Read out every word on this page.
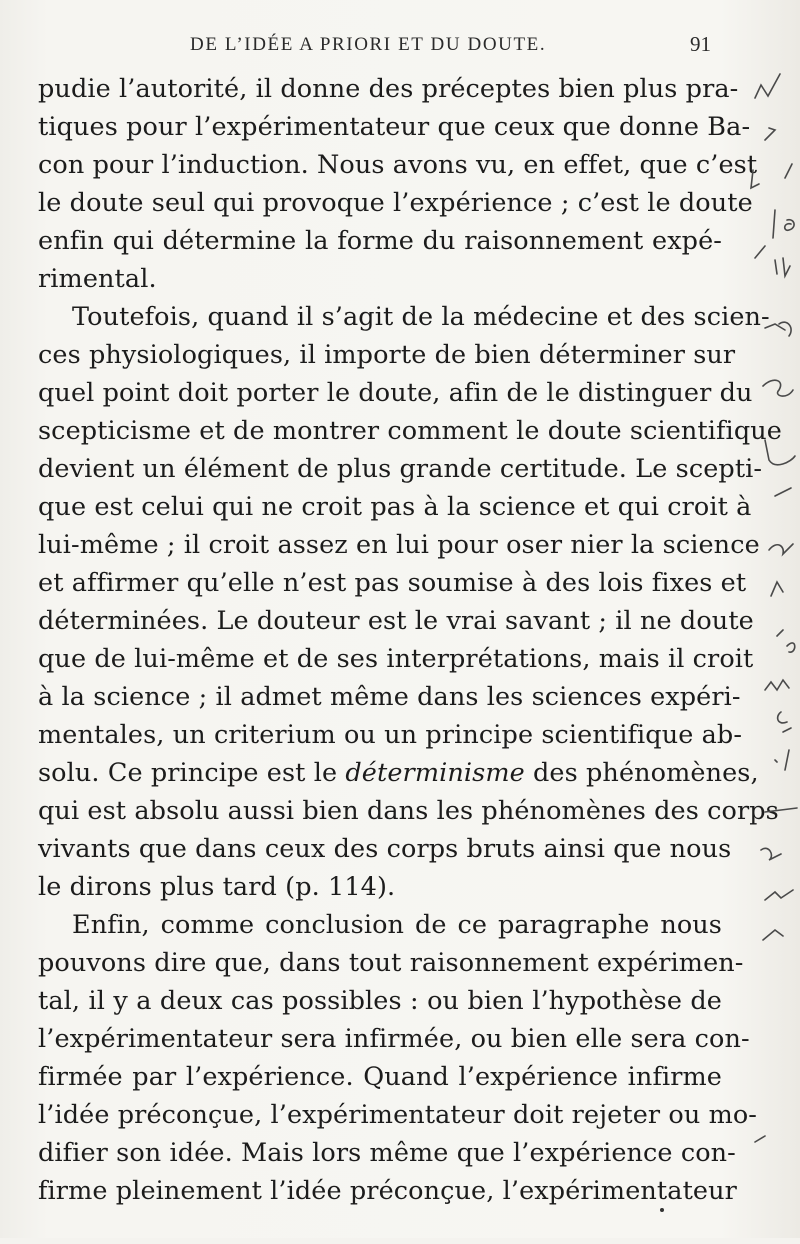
DE L’IDÉE A PRIORI ET DU DOUTE.	91
pudie l’autorité, il donne des préceptes bien plus pra-
tiques pour l’expérimentateur que ceux que donne Ba-
con pour l’induction. Nous avons vu, en effet, que c’est
le doute seul qui provoque l’expérience ; c’est le doute
enfin qui détermine la forme du raisonnement expé-
rimental.
Toutefois, quand il s’agit de la médecine et des scien-
ces physiologiques, il importe de bien déterminer sur
quel point doit porter le doute, afin de le distinguer du
scepticisme et de montrer comment le doute scientifique
devient un élément de plus grande certitude. Le scepti-
que est celui qui ne croit pas à la science et qui croit à
lui-même ; il croit assez en lui pour oser nier la science
et affirmer qu’elle n’est pas soumise à des lois fixes et
déterminées. Le douteur est le vrai savant ; il ne doute
que de lui-même et de ses interprétations, mais il croit
à la science ; il admet même dans les sciences expéri-
mentales, un criterium ou un principe scientifique ab-
solu. Ce principe est le déterminisme des phénomènes,
qui est absolu aussi bien dans les phénomènes des corps
vivants que dans ceux des corps bruts ainsi que nous
le dirons plus tard (p. 114).
Enfin, comme conclusion de ce paragraphe nous
pouvons dire que, dans tout raisonnement expérimen-
tal, il y a deux cas possibles : ou bien l’hypothèse de
l’expérimentateur sera infirmée, ou bien elle sera con-
firmée par l’expérience. Quand l’expérience infirme
l’idée préconçue, l’expérimentateur doit rejeter ou mo-
difier son idée. Mais lors même que l’expérience con-
firme pleinement l’idée préconçue, l’expérimentateur
